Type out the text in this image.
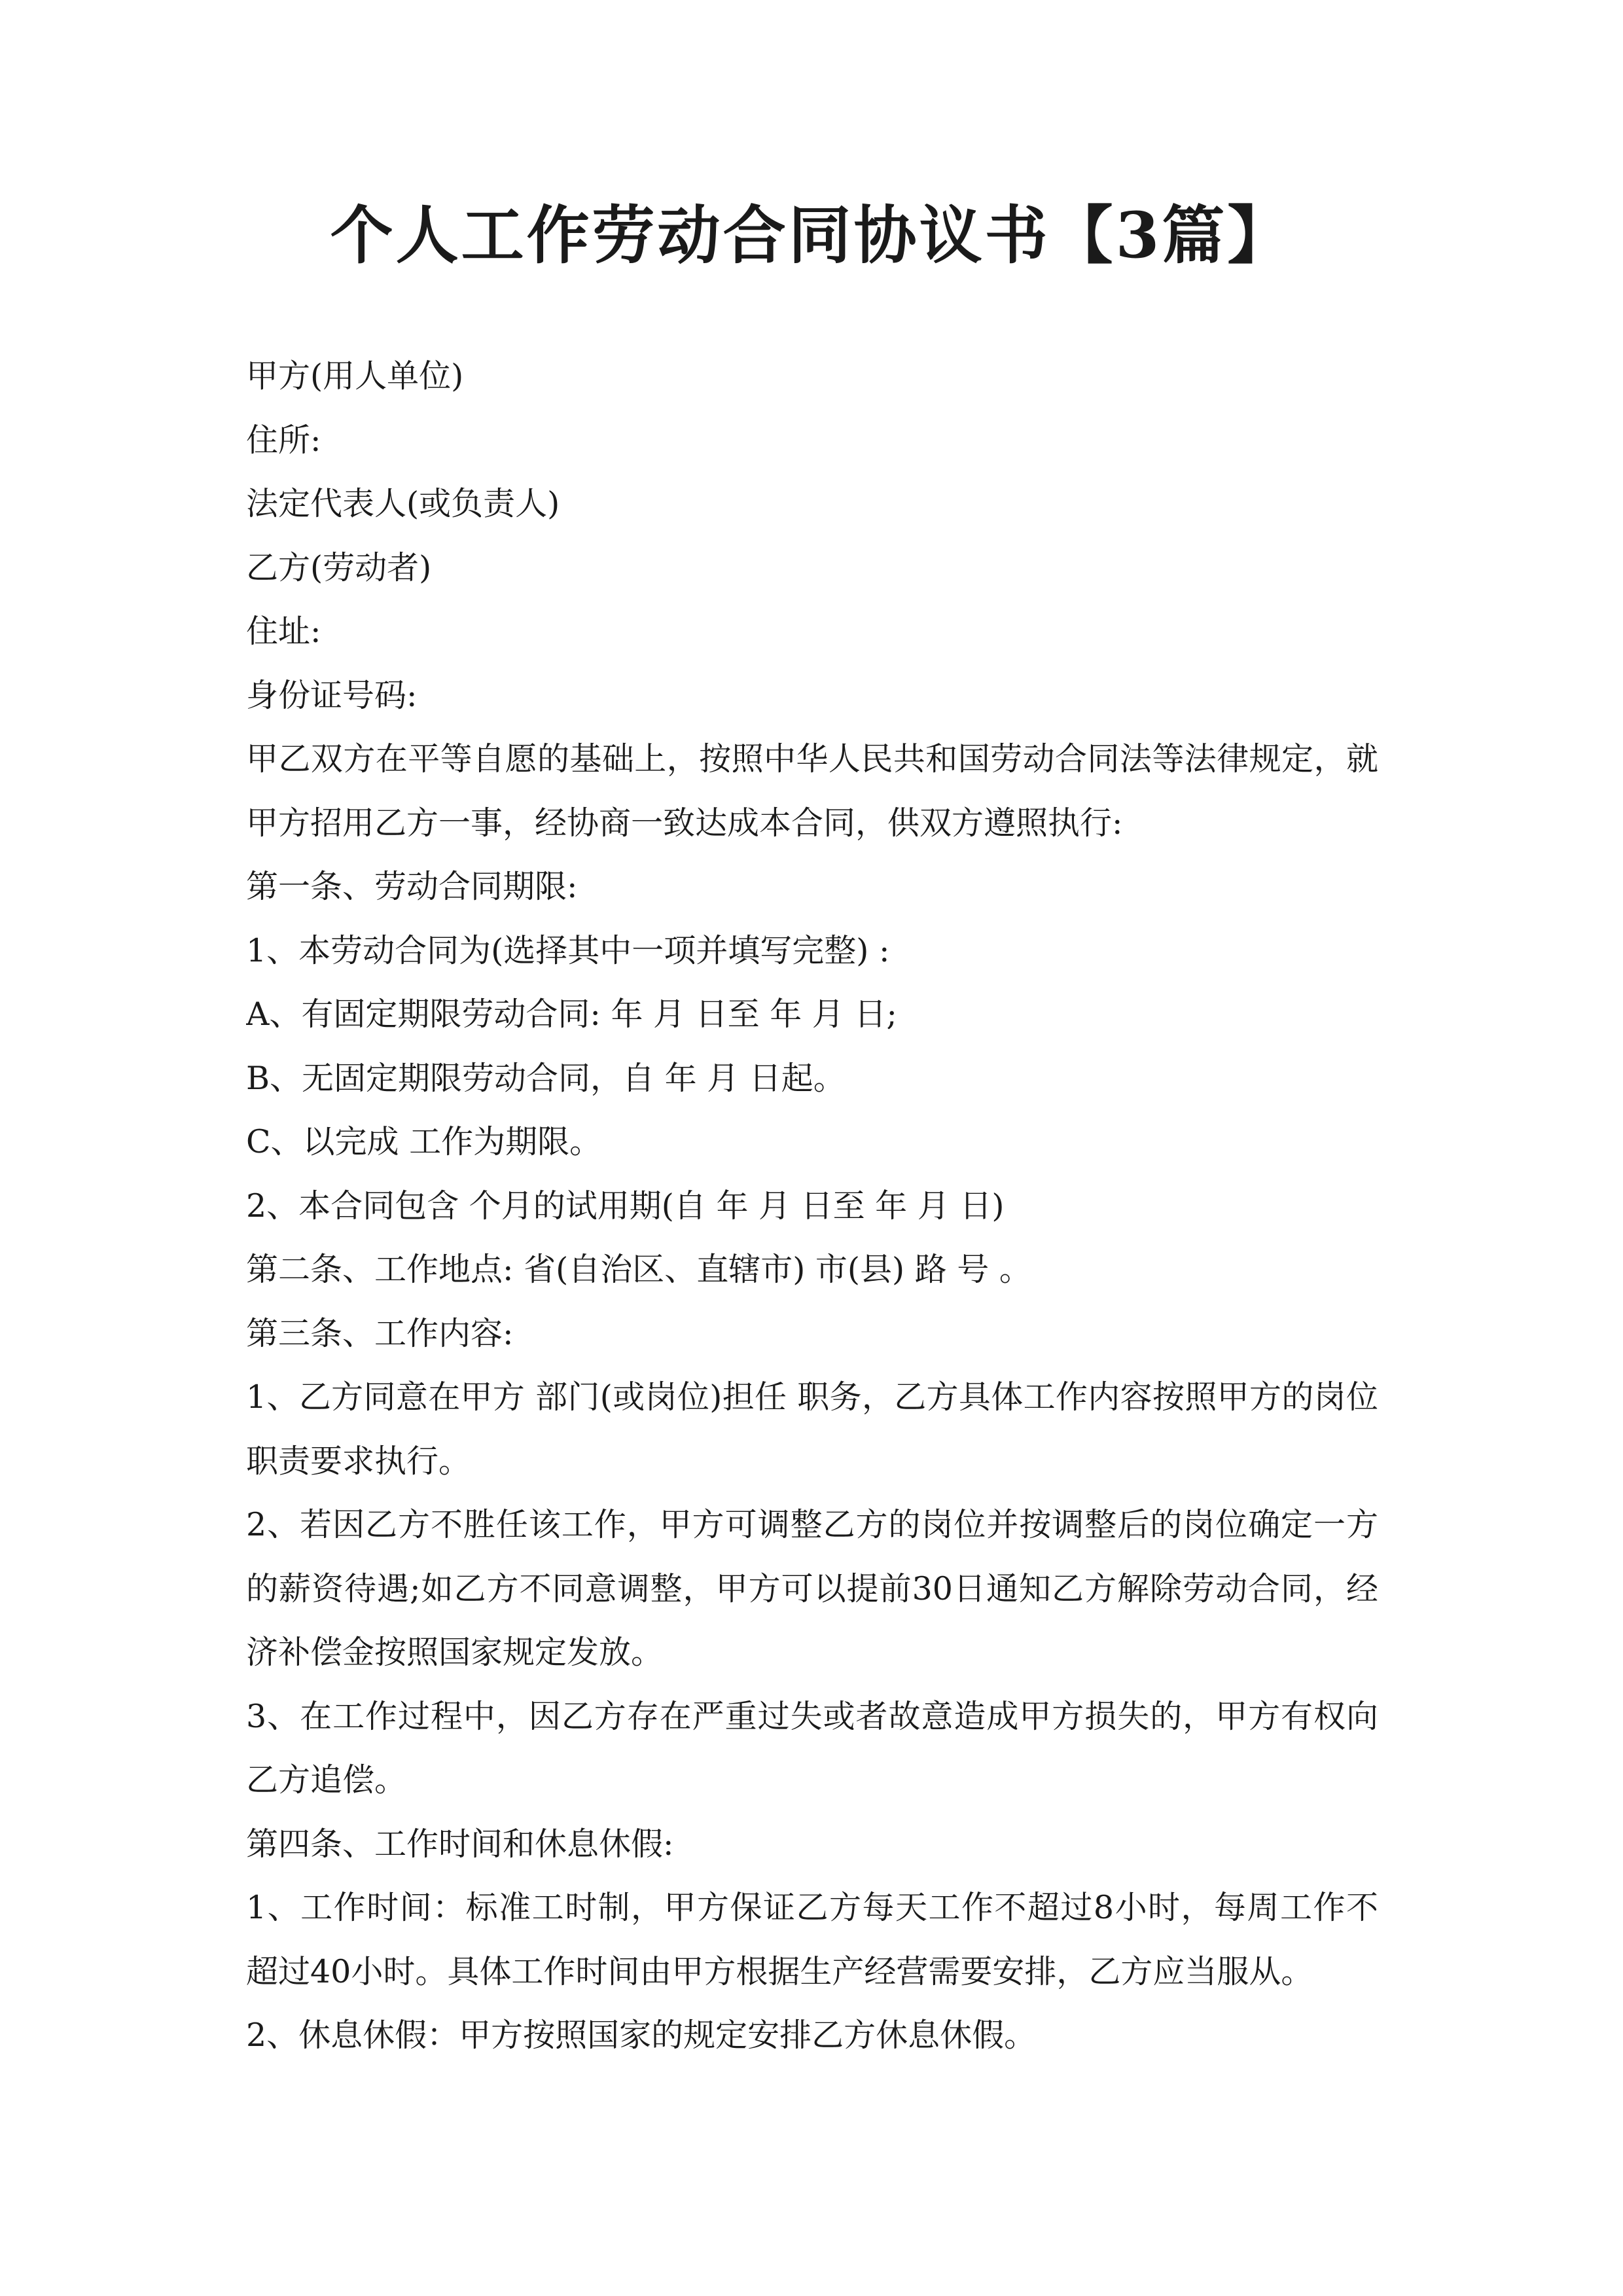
个人工作劳动合同协议书【3篇】
甲方(用人单位)
住所:
法定代表人(或负责人)
乙方(劳动者)
住址:
身份证号码:
甲乙双方在平等自愿的基础上，按照中华人民共和国劳动合同法等法律规定，就
甲方招用乙方一事，经协商一致达成本合同，供双方遵照执行:
第一条、劳动合同期限:
1、本劳动合同为(选择其中一项并填写完整) :
A、有固定期限劳动合同: 年 月 日至 年 月 日;
B、无固定期限劳动合同，自 年 月 日起。
C、以完成 工作为期限。
2、本合同包含 个月的试用期(自 年 月 日至 年 月 日)
第二条、工作地点: 省(自治区、直辖市) 市(县) 路 号 。
第三条、工作内容:
1、乙方同意在甲方 部门(或岗位)担任 职务，乙方具体工作内容按照甲方的岗位
职责要求执行。
2、若因乙方不胜任该工作，甲方可调整乙方的岗位并按调整后的岗位确定一方
的薪资待遇;如乙方不同意调整，甲方可以提前30日通知乙方解除劳动合同，经
济补偿金按照国家规定发放。
3、在工作过程中，因乙方存在严重过失或者故意造成甲方损失的，甲方有权向
乙方追偿。
第四条、工作时间和休息休假:
1、工作时间：标准工时制，甲方保证乙方每天工作不超过8小时，每周工作不
超过40小时。具体工作时间由甲方根据生产经营需要安排，乙方应当服从。
2、休息休假：甲方按照国家的规定安排乙方休息休假。
